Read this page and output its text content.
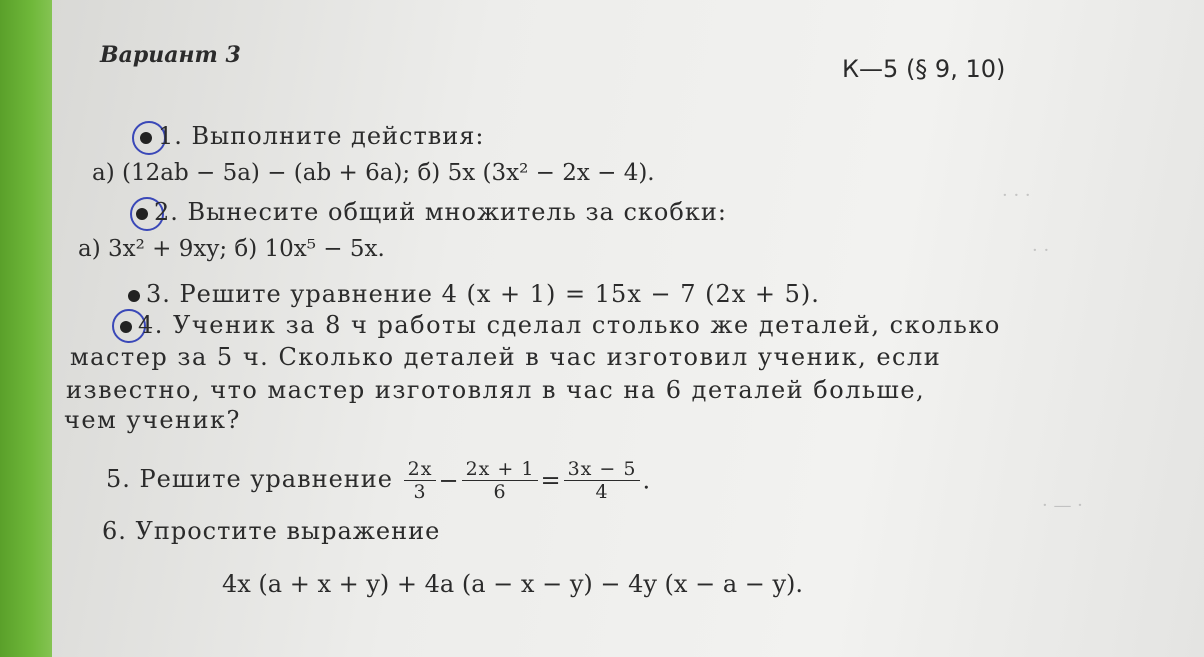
Вариант 3	К—5 (§ 9, 10)
1. Выполните действия:
а) (12ab − 5a) − (ab + 6a); б) 5x (3x² − 2x − 4).
2. Вынесите общий множитель за скобки:
а) 3x² + 9xy; б) 10x⁵ − 5x.
3. Решите уравнение 4 (x + 1) = 15x − 7 (2x + 5).
4. Ученик за 8 ч работы сделал столько же деталей, сколько
мастер за 5 ч. Сколько деталей в час изготовил ученик, если
известно, что мастер изготовлял в час на 6 деталей больше,
чем ученик?
5. Решите уравнение $\frac{2x}{3} - \frac{2x + 1}{6} = \frac{3x - 5}{4}$ .
6. Упростите выражение
4x (a + x + y) + 4a (a − x − y) − 4y (x − a − y).
· · ·
· ·
· — ·
